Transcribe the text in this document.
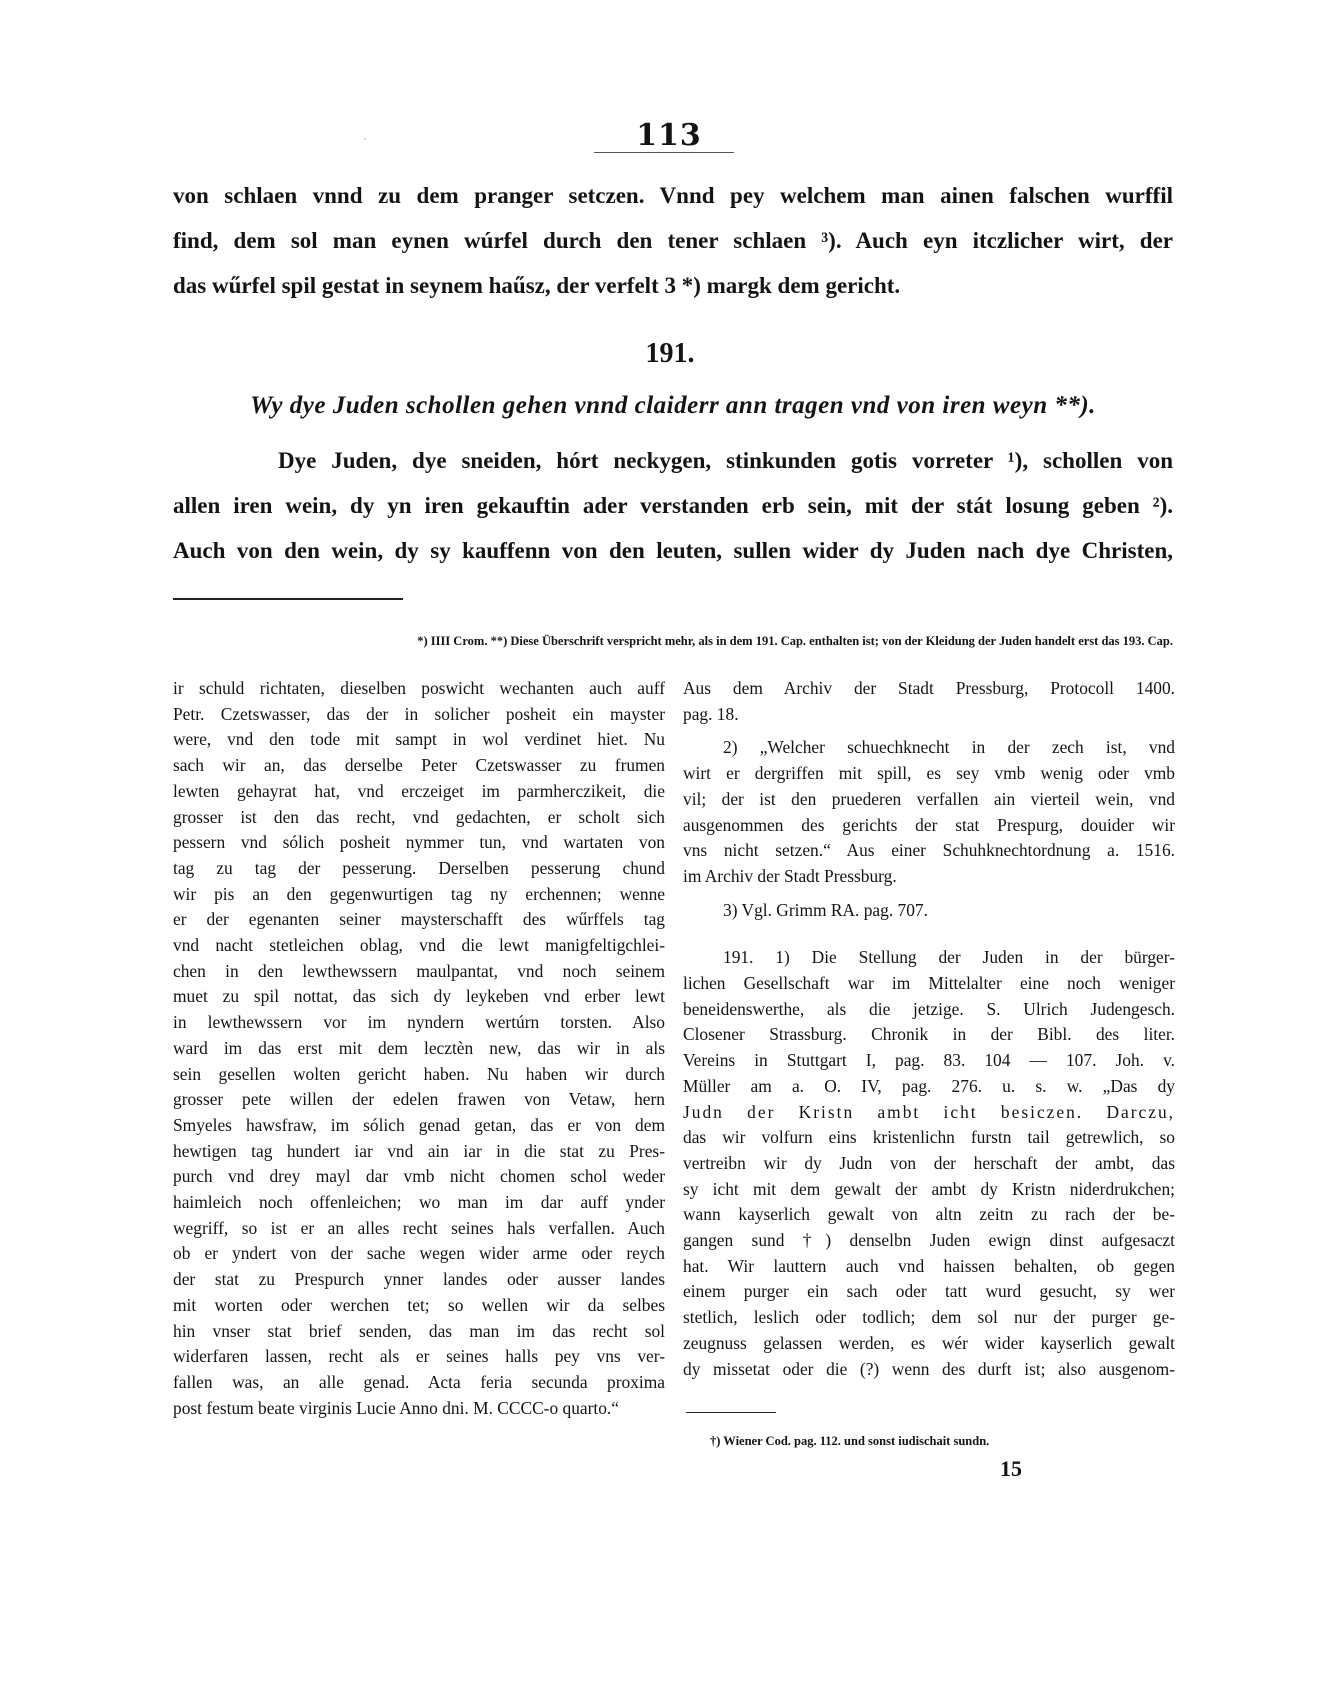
113
von schlaen vnnd zu dem pranger setczen. Vnnd pey welchem man ainen falschen wurffil
find, dem sol man eynen wúrfel durch den tener schlaen ³). Auch eyn itczlicher wirt, der
das wűrfel spil gestat in seynem haűsz, der verfelt 3 *) margk dem gericht.
191.
Wy dye Juden schollen gehen vnnd claiderr ann tragen vnd von iren weyn **).
Dye Juden, dye sneiden, hórt neckygen, stinkunden gotis vorreter ¹), schollen von
allen iren wein, dy yn iren gekauftin ader verstanden erb sein, mit der stát losung geben ²).
Auch von den wein, dy sy kauffenn von den leuten, sullen wider dy Juden nach dye Christen,
*) IIII Crom. **) Diese Überschrift verspricht mehr, als in dem 191. Cap. enthalten ist; von der Kleidung der Juden handelt erst das 193. Cap.
ir schuld richtaten, dieselben poswicht wechanten auch auff
Petr. Czetswasser, das der in solicher posheit ein mayster
were, vnd den tode mit sampt in wol verdinet hiet. Nu
sach wir an, das derselbe Peter Czetswasser zu frumen
lewten gehayrat hat, vnd erczeiget im parmherczikeit, die
grosser ist den das recht, vnd gedachten, er scholt sich
pessern vnd sólich posheit nymmer tun, vnd wartaten von
tag zu tag der pesserung. Derselben pesserung chund
wir pis an den gegenwurtigen tag ny erchennen; wenne
er der egenanten seiner maysterschafft des wűrffels tag
vnd nacht stetleichen oblag, vnd die lewt manigfeltigchlei-
chen in den lewthewssern maulpantat, vnd noch seinem
muet zu spil nottat, das sich dy leykeben vnd erber lewt
in lewthewssern vor im nyndern wertúrn torsten. Also
ward im das erst mit dem lecztèn new, das wir in als
sein gesellen wolten gericht haben. Nu haben wir durch
grosser pete willen der edelen frawen von Vetaw, hern
Smyeles hawsfraw, im sólich genad getan, das er von dem
hewtigen tag hundert iar vnd ain iar in die stat zu Pres-
purch vnd drey mayl dar vmb nicht chomen schol weder
haimleich noch offenleichen; wo man im dar auff ynder
wegriff, so ist er an alles recht seines hals verfallen. Auch
ob er yndert von der sache wegen wider arme oder reych
der stat zu Prespurch ynner landes oder ausser landes
mit worten oder werchen tet; so wellen wir da selbes
hin vnser stat brief senden, das man im das recht sol
widerfaren lassen, recht als er seines halls pey vns ver-
fallen was, an alle genad. Acta feria secunda proxima
post festum beate virginis Lucie Anno dni. M. CCCC-o quarto.“
Aus dem Archiv der Stadt Pressburg, Protocoll 1400.
pag. 18.
2) „Welcher schuechknecht in der zech ist, vnd
wirt er dergriffen mit spill, es sey vmb wenig oder vmb
vil; der ist den pruederen verfallen ain vierteil wein, vnd
ausgenommen des gerichts der stat Prespurg, douider wir
vns nicht setzen.“ Aus einer Schuhknechtordnung a. 1516.
im Archiv der Stadt Pressburg.
3) Vgl. Grimm RA. pag. 707.
191. 1) Die Stellung der Juden in der bürger-
lichen Gesellschaft war im Mittelalter eine noch weniger
beneidenswerthe, als die jetzige. S. Ulrich Judengesch.
Closener Strassburg. Chronik in der Bibl. des liter.
Vereins in Stuttgart I, pag. 83. 104 — 107. Joh. v.
Müller am a. O. IV, pag. 276. u. s. w. „Das dy
Judn der Kristn ambt icht besiczen. Darczu,
das wir volfurn eins kristenlichn furstn tail getrewlich, so
vertreibn wir dy Judn von der herschaft der ambt, das
sy icht mit dem gewalt der ambt dy Kristn niderdrukchen;
wann kayserlich gewalt von altn zeitn zu rach der be-
gangen sund †) denselbn Juden ewign dinst aufgesaczt
hat. Wir lauttern auch vnd haissen behalten, ob gegen
einem purger ein sach oder tatt wurd gesucht, sy wer
stetlich, leslich oder todlich; dem sol nur der purger ge-
zeugnuss gelassen werden, es wér wider kayserlich gewalt
dy missetat oder die (?) wenn des durft ist; also ausgenom-
†) Wiener Cod. pag. 112. und sonst iudischait sundn.
15
